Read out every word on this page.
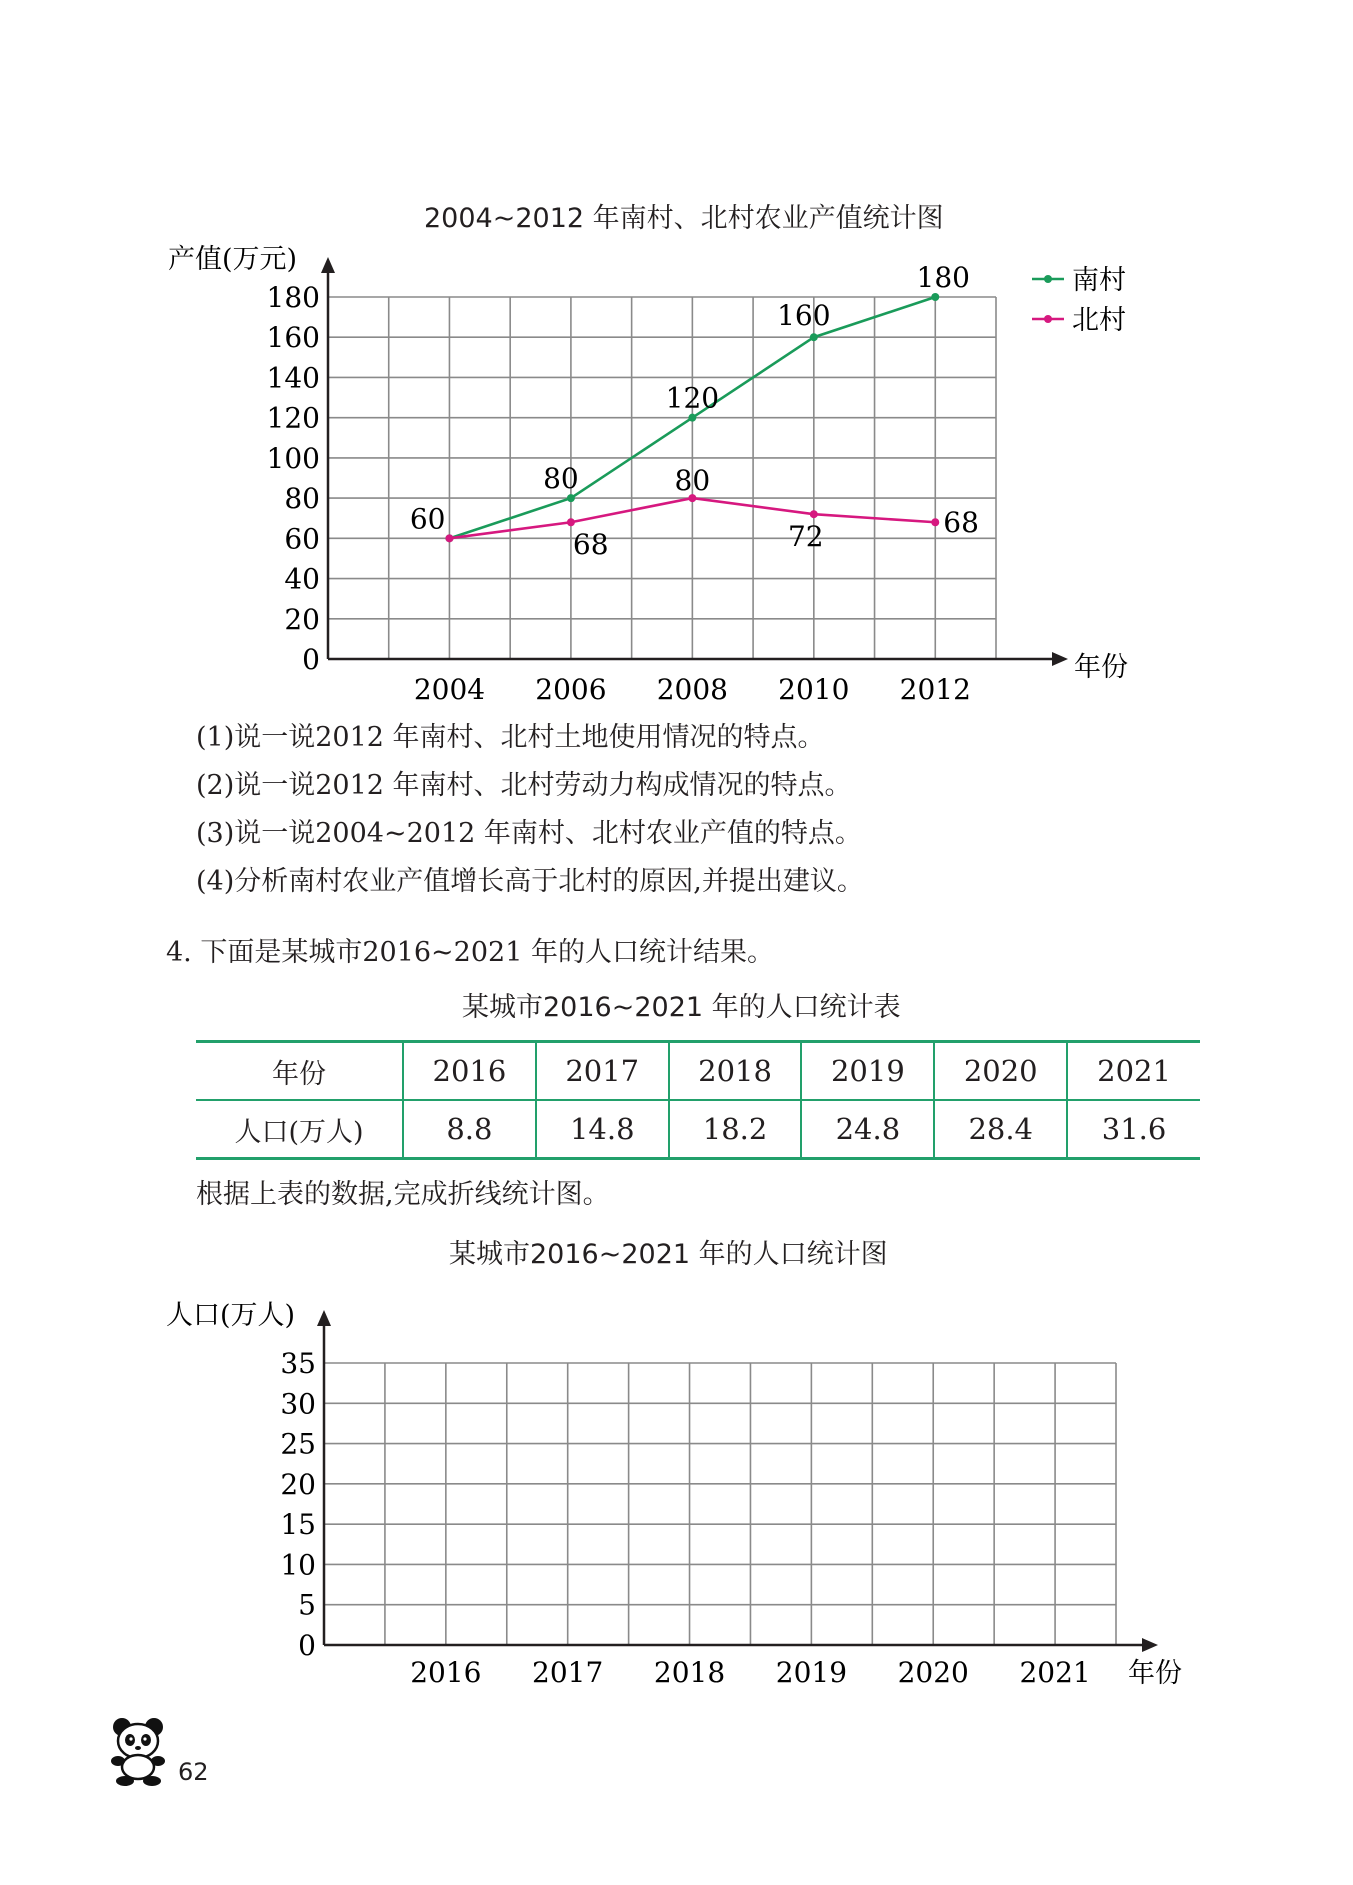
2004~2012 年南村、北村农业产值统计图
0
20
40
60
80
100
120
140
160
180
2004 2006 2008 2010 2012
产值(万元)
年份
60
80
120
160
180
68
80
72	68
南村
北村
(1)说一说2012 年南村、北村土地使用情况的特点。
(2)说一说2012 年南村、北村劳动力构成情况的特点。
(3)说一说2004~2012 年南村、北村农业产值的特点。
(4)分析南村农业产值增长高于北村的原因,并提出建议。
4. 下面是某城市2016~2021 年的人口统计结果。
某城市2016~2021 年的人口统计表
年份	2016	2017	2018	2019	2020	2021
人口(万人)	8.8	14.8	18.2	24.8	28.4	31.6
根据上表的数据,完成折线统计图。
某城市2016~2021 年的人口统计图
0
5
10
15
20
25
30
35
2016 2017 2018 2019 2020 2021
人口(万人)
年份
62
